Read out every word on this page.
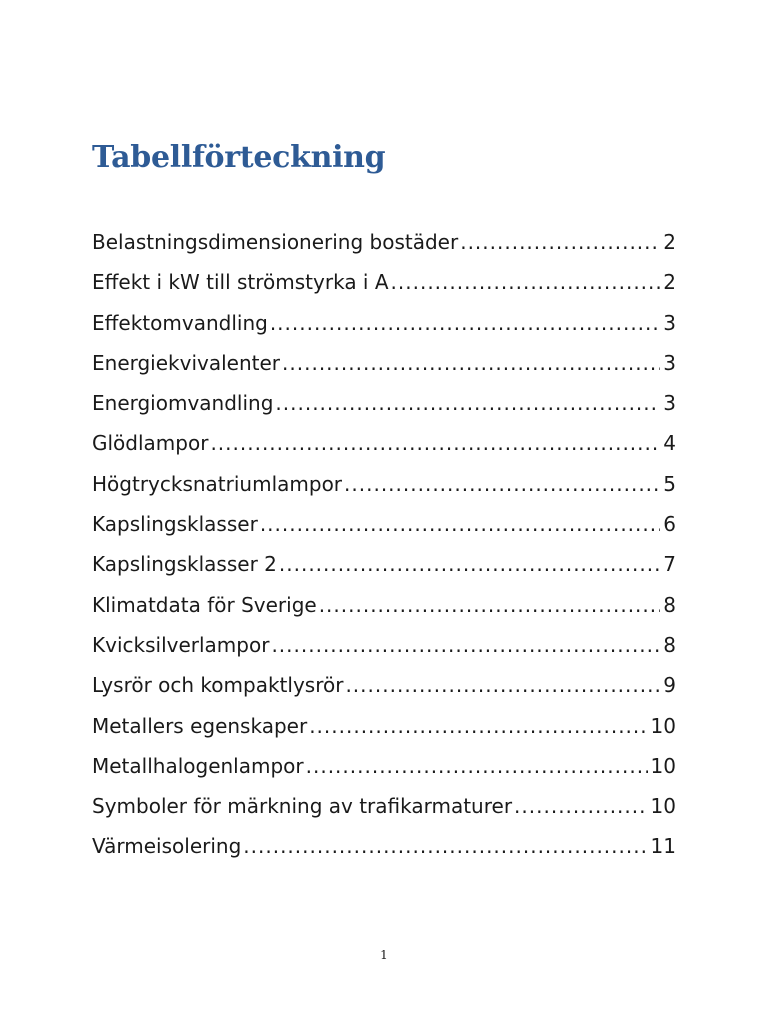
Tabellförteckning
Belastningsdimensionering bostäder .....	2
Effekt i kW till strömstyrka i A .....	2
Effektomvandling .....	3
Energiekvivalenter .....	3
Energiomvandling .....	3
Glödlampor .....	4
Högtrycksnatriumlampor .....	5
Kapslingsklasser .....	6
Kapslingsklasser 2 .....	7
Klimatdata för Sverige .....	8
Kvicksilverlampor .....	8
Lysrör och kompaktlysrör .....	9
Metallers egenskaper .....	10
Metallhalogenlampor .....	10
Symboler för märkning av trafikarmaturer .....	10
Värmeisolering .....	11
1
